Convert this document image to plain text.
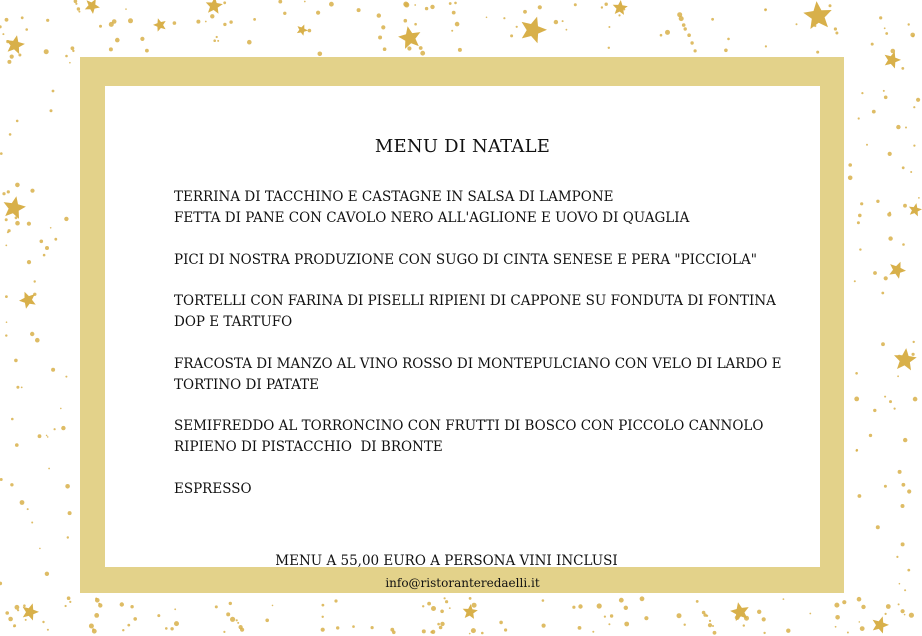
MENU DI NATALE
TERRINA DI TACCHINO E CASTAGNE IN SALSA DI LAMPONE
FETTA DI PANE CON CAVOLO NERO ALL'AGLIONE E UOVO DI QUAGLIA
PICI DI NOSTRA PRODUZIONE CON SUGO DI CINTA SENESE E PERA "PICCIOLA"
TORTELLI CON FARINA DI PISELLI RIPIENI DI CAPPONE SU FONDUTA DI FONTINA
DOP E TARTUFO
FRACOSTA DI MANZO AL VINO ROSSO DI MONTEPULCIANO CON VELO DI LARDO E
TORTINO DI PATATE
SEMIFREDDO AL TORRONCINO CON FRUTTI DI BOSCO CON PICCOLO CANNOLO
RIPIENO DI PISTACCHIO  DI BRONTE
ESPRESSO
MENU A 55,00 EURO A PERSONA VINI INCLUSI
info@ristoranteredaelli.it
